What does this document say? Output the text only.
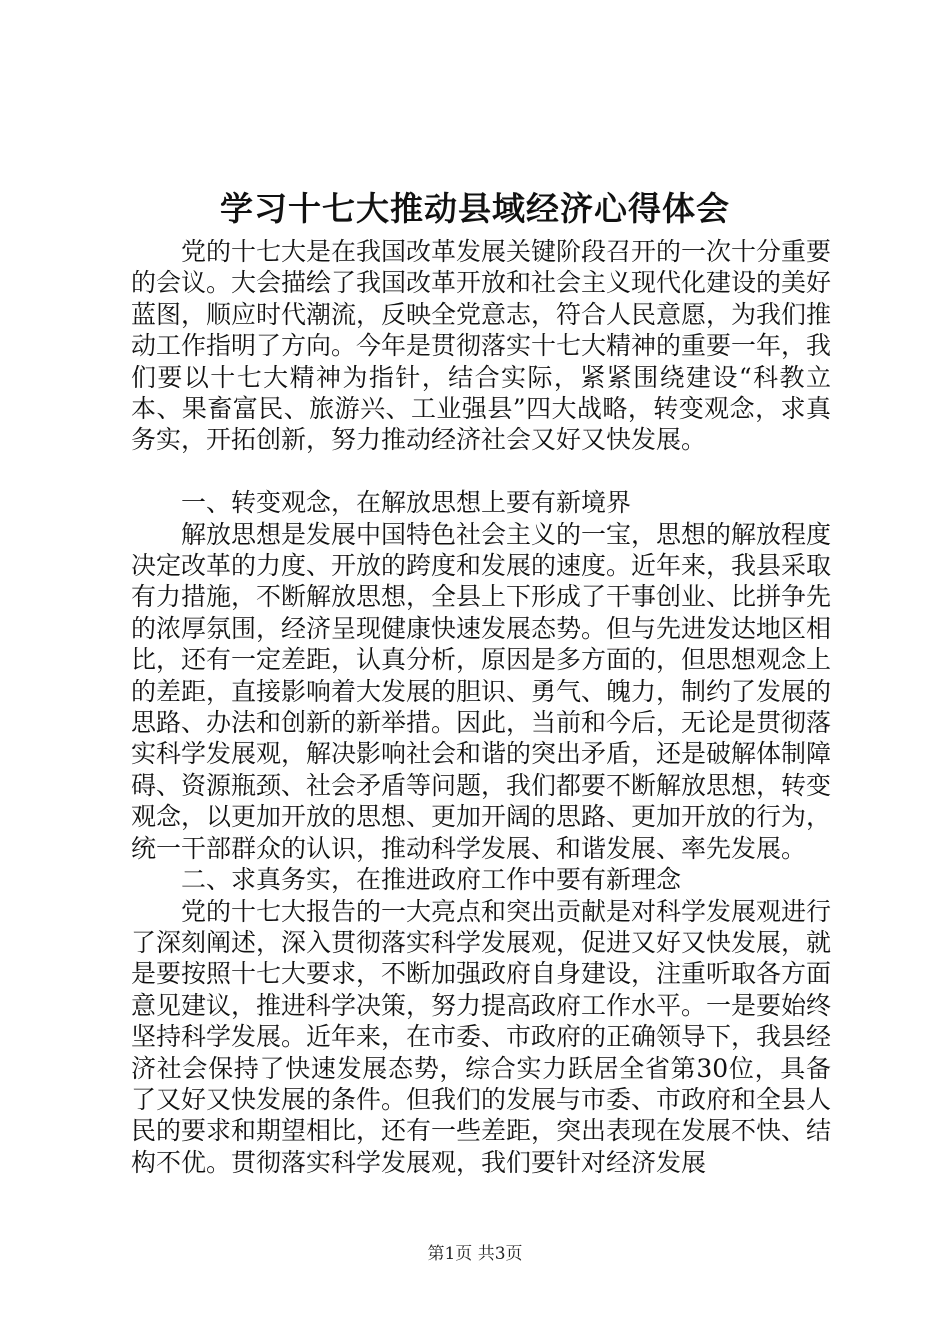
学习十七大推动县域经济心得体会

党的十七大是在我国改革发展关键阶段召开的一次十分重要的会议。大会描绘了我国改革开放和社会主义现代化建设的美好蓝图，顺应时代潮流，反映全党意志，符合人民意愿，为我们推动工作指明了方向。今年是贯彻落实十七大精神的重要一年，我们要以十七大精神为指针，结合实际，紧紧围绕建设“科教立本、果畜富民、旅游兴、工业强县”四大战略，转变观念，求真务实，开拓创新，努力推动经济社会又好又快发展。

一、转变观念，在解放思想上要有新境界

解放思想是发展中国特色社会主义的一宝，思想的解放程度决定改革的力度、开放的跨度和发展的速度。近年来，我县采取有力措施，不断解放思想，全县上下形成了干事创业、比拼争先的浓厚氛围，经济呈现健康快速发展态势。但与先进发达地区相比，还有一定差距，认真分析，原因是多方面的，但思想观念上的差距，直接影响着大发展的胆识、勇气、魄力，制约了发展的思路、办法和创新的新举措。因此，当前和今后，无论是贯彻落实科学发展观，解决影响社会和谐的突出矛盾，还是破解体制障碍、资源瓶颈、社会矛盾等问题，我们都要不断解放思想，转变观念，以更加开放的思想、更加开阔的思路、更加开放的行为，统一干部群众的认识，推动科学发展、和谐发展、率先发展。

二、求真务实，在推进政府工作中要有新理念

党的十七大报告的一大亮点和突出贡献是对科学发展观进行了深刻阐述，深入贯彻落实科学发展观，促进又好又快发展，就是要按照十七大要求，不断加强政府自身建设，注重听取各方面意见建议，推进科学决策，努力提高政府工作水平。一是要始终坚持科学发展。近年来，在市委、市政府的正确领导下，我县经济社会保持了快速发展态势，综合实力跃居全省第30位，具备了又好又快发展的条件。但我们的发展与市委、市政府和全县人民的要求和期望相比，还有一些差距，突出表现在发展不快、结构不优。贯彻落实科学发展观，我们要针对经济发展

第1页 共3页
